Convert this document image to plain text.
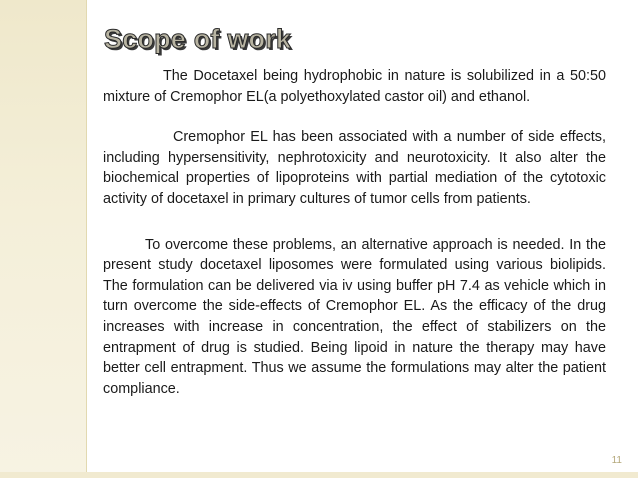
Scope of work

The Docetaxel being hydrophobic in nature is solubilized in a 50:50 mixture of Cremophor EL(a polyethoxylated castor oil) and ethanol.

Cremophor EL has been associated with a number of side effects, including hypersensitivity, nephrotoxicity and neurotoxicity. It also alter the biochemical properties of lipoproteins with partial mediation of the cytotoxic activity of docetaxel in primary cultures of tumor cells from patients.

To overcome these problems, an alternative approach is needed. In the present study docetaxel liposomes were formulated using various biolipids. The formulation can be delivered via iv using buffer pH 7.4 as vehicle which in turn overcome the side-effects of Cremophor EL. As the efficacy of the drug increases with increase in concentration, the effect of stabilizers on the entrapment of drug is studied. Being lipoid in nature the therapy may have better cell entrapment. Thus we assume the formulations may alter the patient compliance.

11
